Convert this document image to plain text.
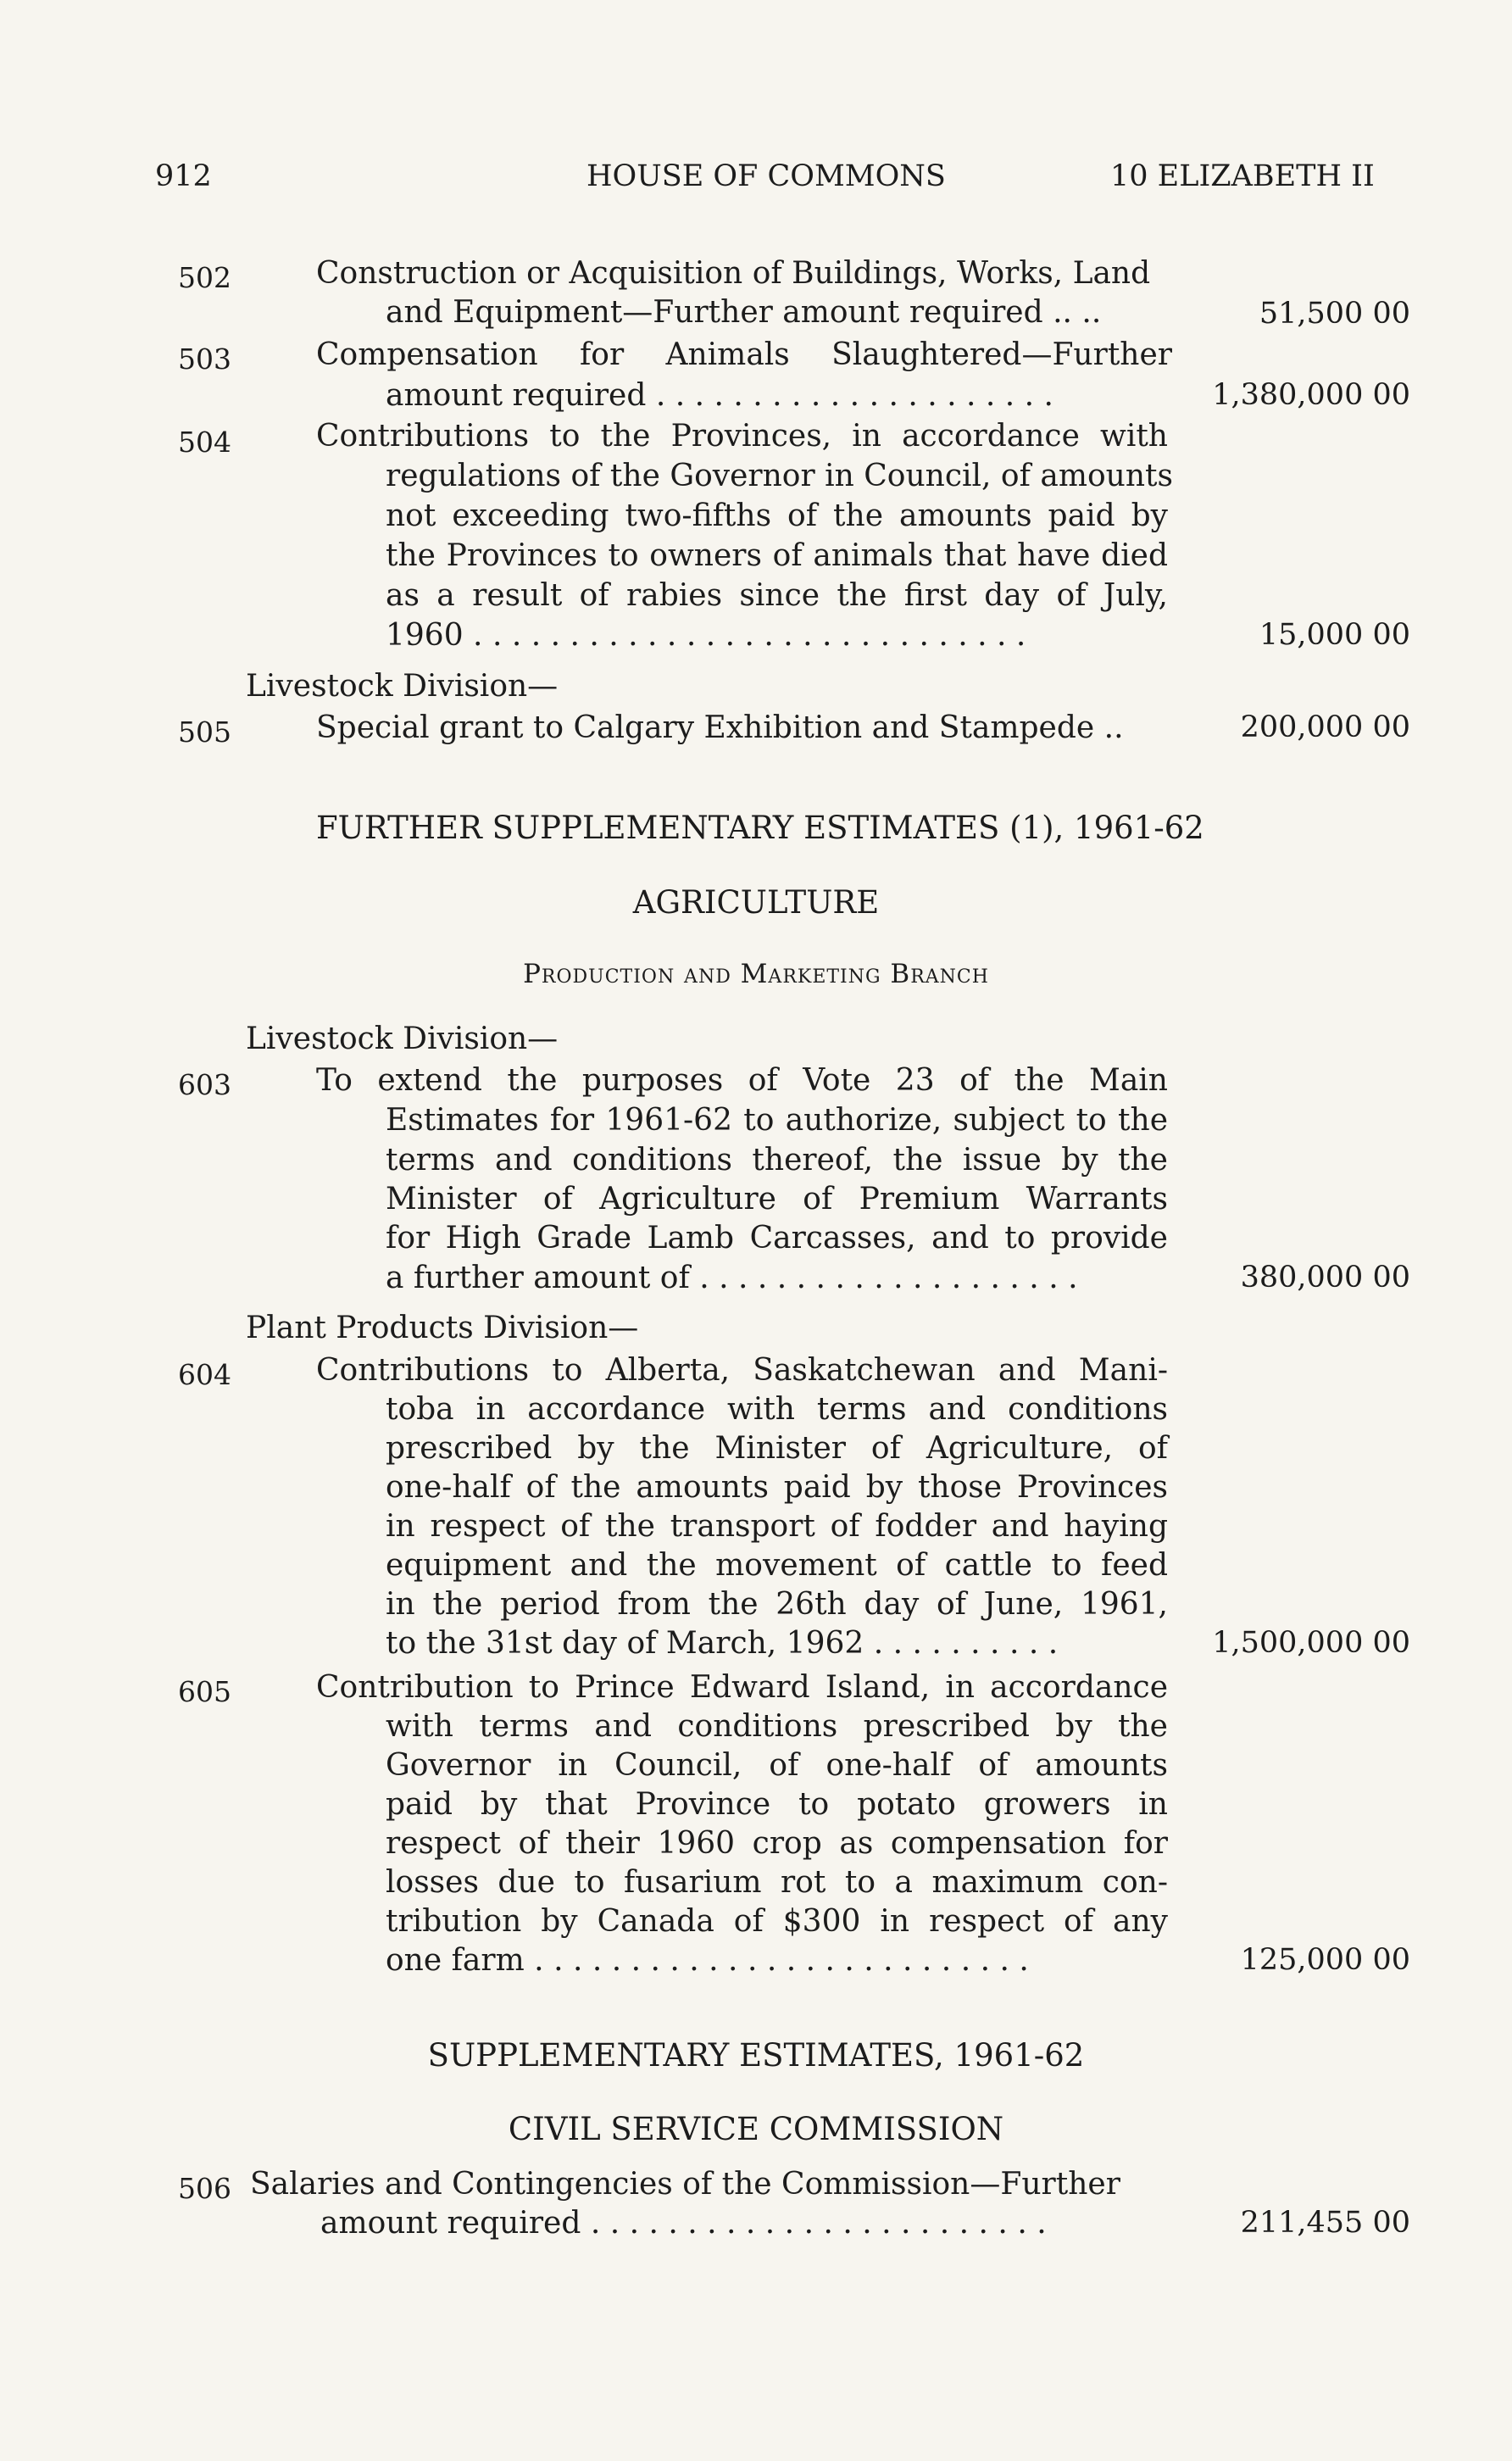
912	HOUSE OF COMMONS	10 ELIZABETH II
502	Construction or Acquisition of Buildings, Works, Land
and Equipment—Further amount required .. ..	51,500 00
503	Compensation for Animals Slaughtered—Further
amount required . . . . . . . . . . . . . . . . . . . . .	1,380,000 00
504	Contributions to the Provinces, in accordance with
regulations of the Governor in Council, of amounts
not exceeding two-fifths of the amounts paid by
the Provinces to owners of animals that have died
as a result of rabies since the first day of July,
1960 . . . . . . . . . . . . . . . . . . . . . . . . . . . . .	15,000 00
Livestock Division—
505	Special grant to Calgary Exhibition and Stampede ..	200,000 00
FURTHER SUPPLEMENTARY ESTIMATES (1), 1961-62
AGRICULTURE
Production and Marketing Branch
Livestock Division—
603	To extend the purposes of Vote 23 of the Main
Estimates for 1961-62 to authorize, subject to the
terms and conditions thereof, the issue by the
Minister of Agriculture of Premium Warrants
for High Grade Lamb Carcasses, and to provide
a further amount of . . . . . . . . . . . . . . . . . . . .	380,000 00
Plant Products Division—
604	Contributions to Alberta, Saskatchewan and Mani-
toba in accordance with terms and conditions
prescribed by the Minister of Agriculture, of
one-half of the amounts paid by those Provinces
in respect of the transport of fodder and haying
equipment and the movement of cattle to feed
in the period from the 26th day of June, 1961,
to the 31st day of March, 1962 . . . . . . . . . .	1,500,000 00
605	Contribution to Prince Edward Island, in accordance
with terms and conditions prescribed by the
Governor in Council, of one-half of amounts
paid by that Province to potato growers in
respect of their 1960 crop as compensation for
losses due to fusarium rot to a maximum con-
tribution by Canada of $300 in respect of any
one farm . . . . . . . . . . . . . . . . . . . . . . . . . .	125,000 00
SUPPLEMENTARY ESTIMATES, 1961-62
CIVIL SERVICE COMMISSION
506 Salaries and Contingencies of the Commission—Further
amount required . . . . . . . . . . . . . . . . . . . . . . . .	211,455 00
